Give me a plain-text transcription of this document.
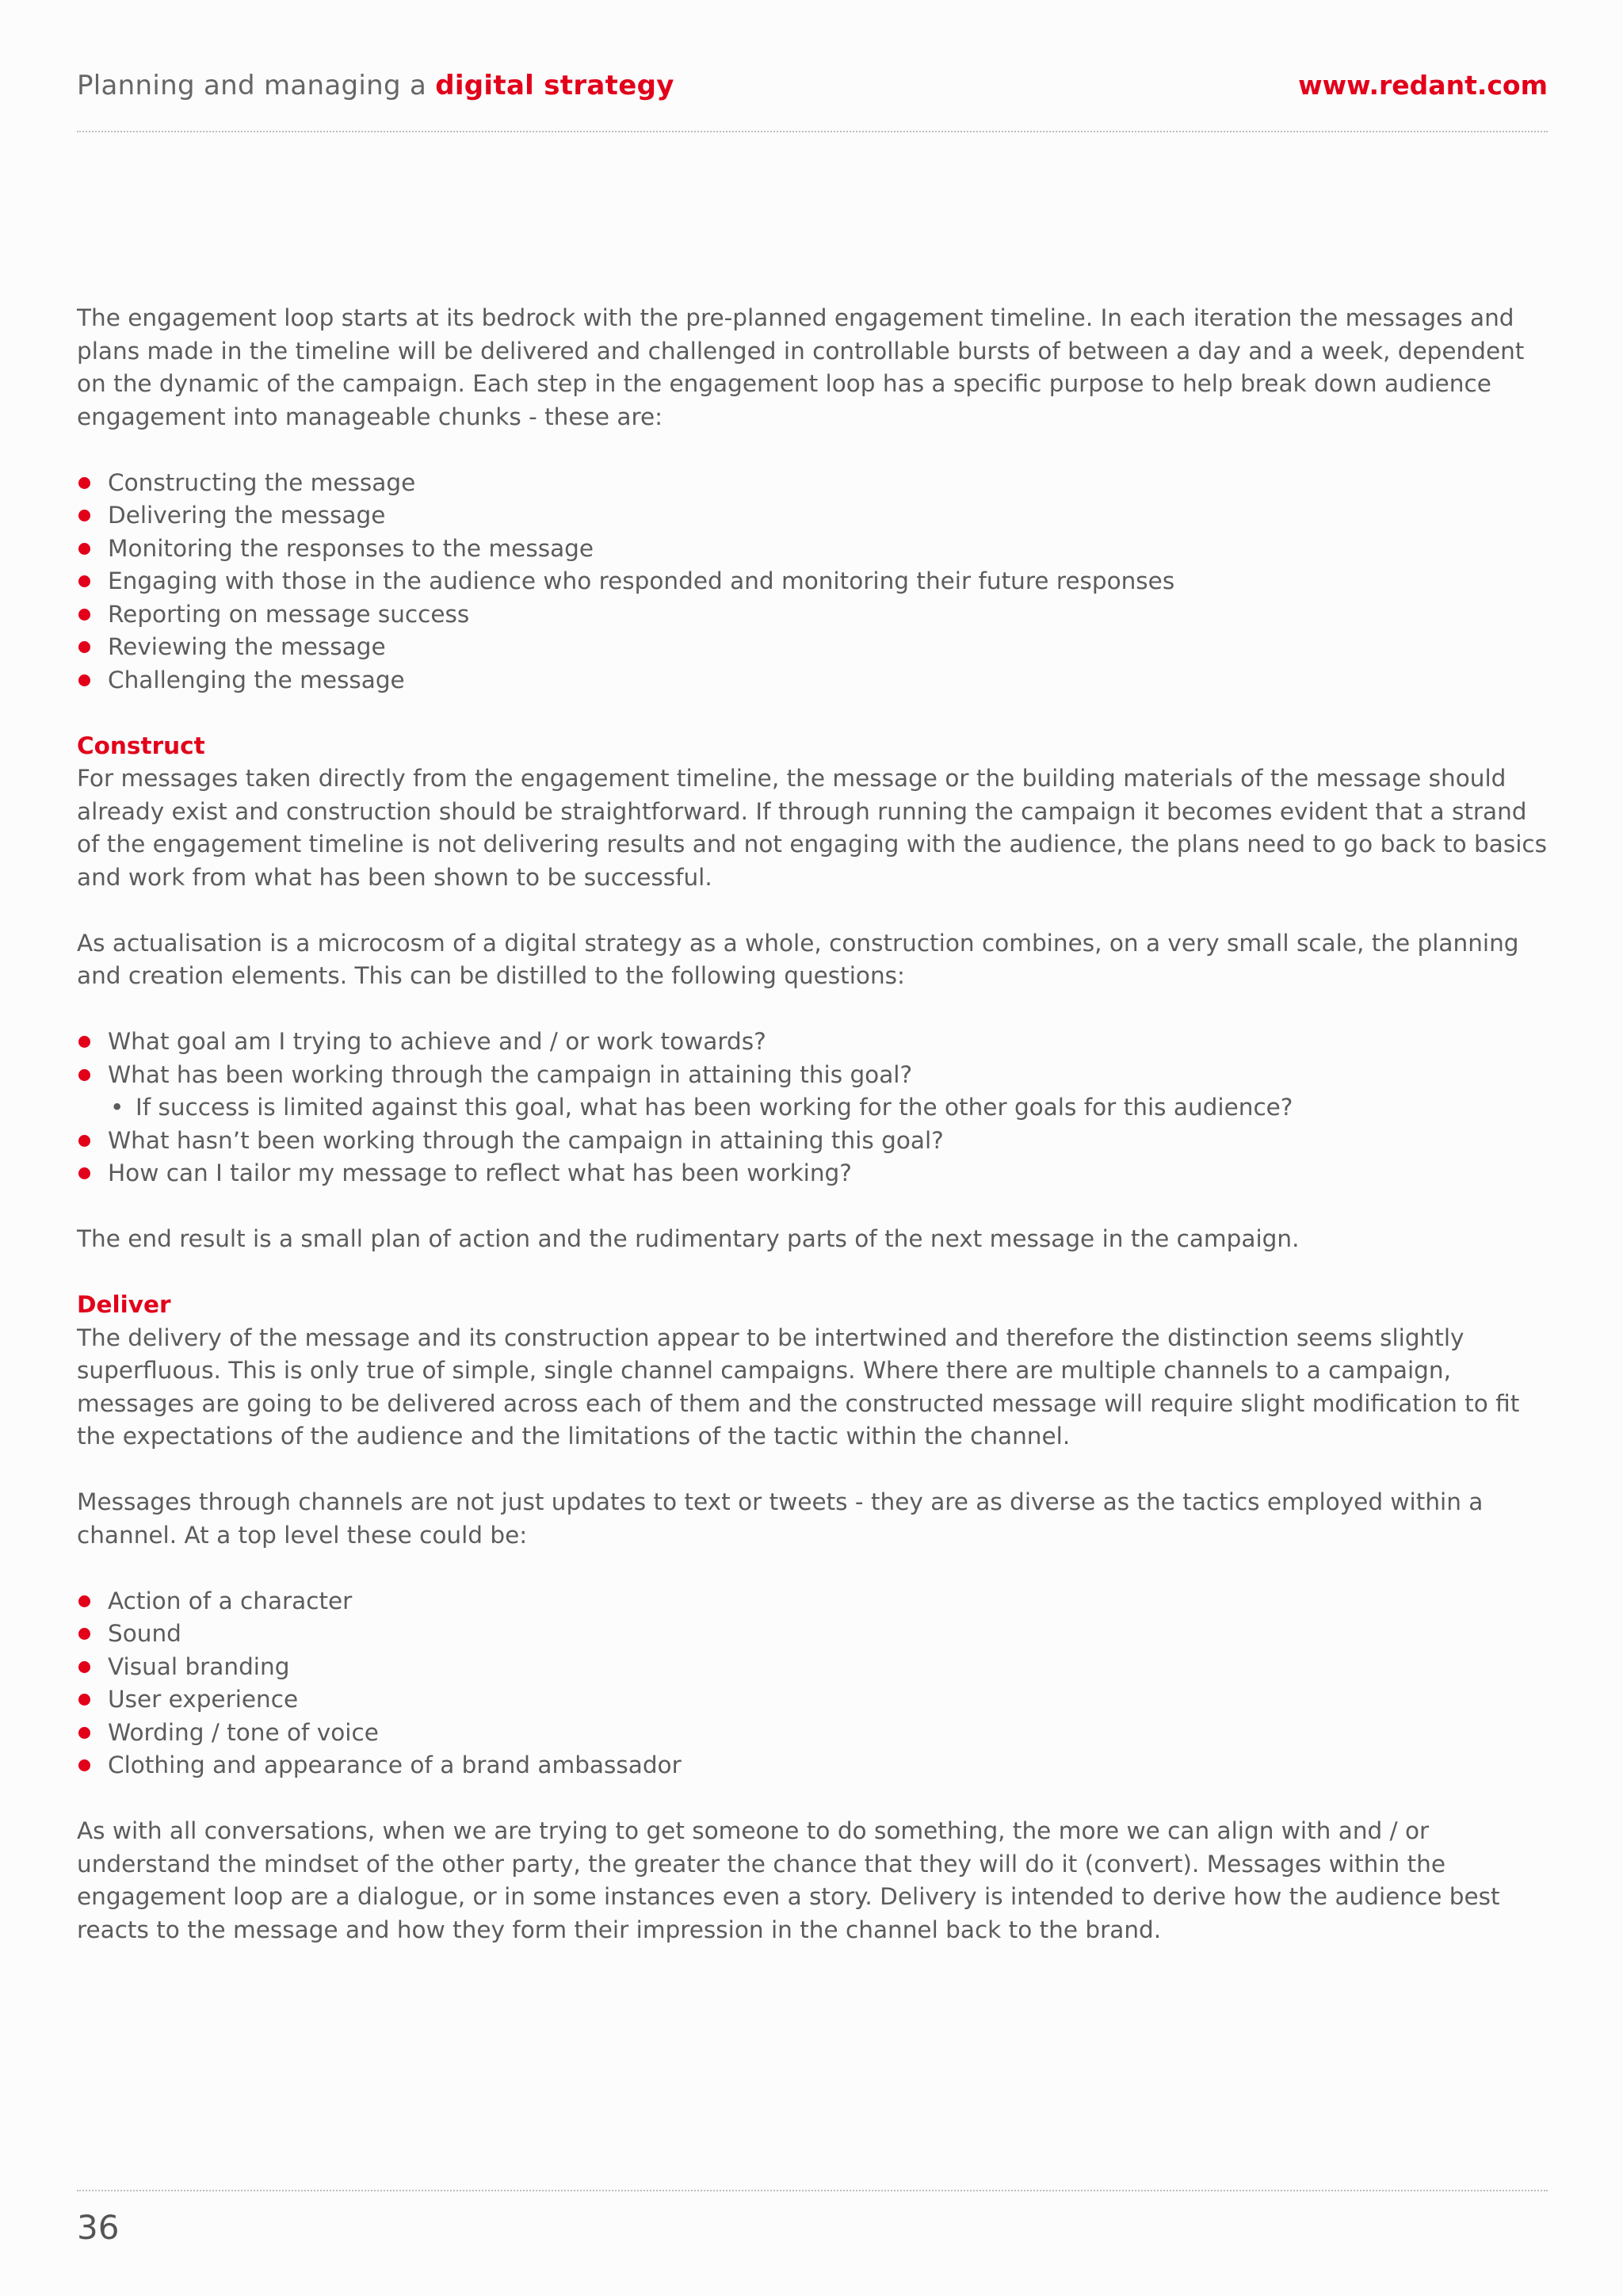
Planning and managing a digital strategy	www.redant.com

The engagement loop starts at its bedrock with the pre-planned engagement timeline. In each iteration the messages and plans made in the timeline will be delivered and challenged in controllable bursts of between a day and a week, dependent on the dynamic of the campaign. Each step in the engagement loop has a specific purpose to help break down audience engagement into manageable chunks - these are:

Constructing the message
Delivering the message
Monitoring the responses to the message
Engaging with those in the audience who responded and monitoring their future responses
Reporting on message success
Reviewing the message
Challenging the message
Construct

For messages taken directly from the engagement timeline, the message or the building materials of the message should already exist and construction should be straightforward. If through running the campaign it becomes evident that a strand of the engagement timeline is not delivering results and not engaging with the audience, the plans need to go back to basics and work from what has been shown to be successful.

As actualisation is a microcosm of a digital strategy as a whole, construction combines, on a very small scale, the planning and creation elements. This can be distilled to the following questions:

What goal am I trying to achieve and / or work towards?
What has been working through the campaign in attaining this goal?
• If success is limited against this goal, what has been working for the other goals for this audience?
What hasn’t been working through the campaign in attaining this goal?
How can I tailor my message to reflect what has been working?

The end result is a small plan of action and the rudimentary parts of the next message in the campaign.

Deliver

The delivery of the message and its construction appear to be intertwined and therefore the distinction seems slightly superfluous. This is only true of simple, single channel campaigns. Where there are multiple channels to a campaign, messages are going to be delivered across each of them and the constructed message will require slight modification to fit the expectations of the audience and the limitations of the tactic within the channel.

Messages through channels are not just updates to text or tweets - they are as diverse as the tactics employed within a channel. At a top level these could be:

Action of a character
Sound
Visual branding
User experience
Wording / tone of voice
Clothing and appearance of a brand ambassador

As with all conversations, when we are trying to get someone to do something, the more we can align with and / or understand the mindset of the other party, the greater the chance that they will do it (convert). Messages within the engagement loop are a dialogue, or in some instances even a story. Delivery is intended to derive how the audience best reacts to the message and how they form their impression in the channel back to the brand.

36
